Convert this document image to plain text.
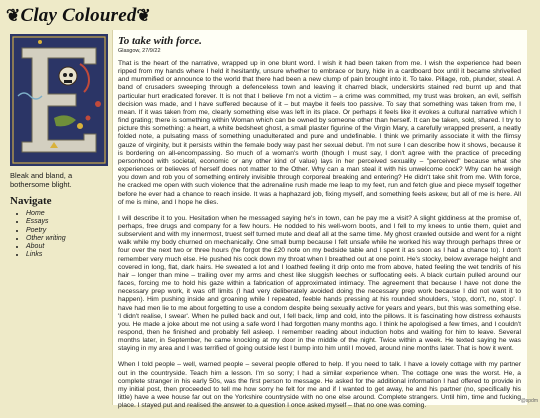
❦Clay Coloured❦
Bleak and bland, a bothersome blight.
Navigate
• Home
• Essays
• Poetry
• Other writing
• About
• Links
To take with force.
Glasgow, 27/9/22

That is the heart of the narrative, wrapped up in one blunt word. I wish it had been taken from me. I wish the experience had been ripped from my hands where I held it hesitantly, unsure whether to embrace or bury, hide in a cardboard box until it became shrivelled and mummified or announce to the world that there had been a new clump of pain brought into it. To take. Pillage, rob, plunder, steal. A band of crusaders sweeping through a defenceless town and leaving it charred black, underskirts stained red burnt up and that particular hurt eradicated forever. It is not that I believe I'm not a victim – a crime was committed, my trust was broken, an evil, selfish decision was made, and I have suffered because of it – but maybe it feels too passive. To say that something was taken from me, I mean. If it was taken from me, clearly something else was left in its place. Or perhaps it feels like it evokes a cultural narrative which I find grating; there is something within Woman which can be owned by someone other than herself. It can be taken, sold, shared. I try to picture this something: a heart, a white bedsheet ghost, a small plaster figurine of the Virgin Mary, a carefully wrapped present, a neatly folded note, a pulsating mass of something unadulterated and pure and undefinable. I think we primarily associate it with the flimsy gauze of virginity, but it persists within the female body way past her sexual debut. I'm not sure I can describe how it shows, because it is bordering on all-encompassing. So much of a woman's worth (though I must say, I don't agree with the practice of preceding personhood with societal, economic or any other kind of value) lays in her perceived sexuality – "perceived" because what she experiences or believes of herself does not matter to the Other. Why can a man steal it with his unwelcome cock? Why can he weigh you down and rob you of something entirely invisible through corporeal breaking and entering? He didn't take shit from me. With force, he cracked me open with such violence that the adrenaline rush made me leap to my feet, run and fetch glue and piece myself together before he ever had a chance to reach inside. It was a haphazard job, fixing myself, and something feels askew, but all of me is here. All of me is mine, and I hope he dies.

I will describe it to you. Hesitation when he messaged saying he's in town, can he pay me a visit? A slight giddiness at the promise of, perhaps, free drugs and company for a few hours. He nodded to his well-worn boots, and I fell to my knees to untie them, quiet and subservient and with my innermost, truest self turned mute and deaf all at the same time. My ghost crawled outside and went for a night walk while my body churned on mechanically. One small bump because I felt unsafe while he worked his way through perhaps three or four over the next two or three hours (he forgot the £20 note on my bedside table and I spent it as soon as I had a chance to). I don't remember very much else. He pushed his cock down my throat when I breathed out at one point. He's stocky, below average height and covered in long, flat, dark hairs. He sweated a lot and I loathed feeling it drip onto me from above, hated feeling the wet tendrils of his hair – longer than mine – trailing over my arms and chest like sluggish leeches or suffocating eels. A black curtain pulled around our faces, forcing me to hold his gaze within a fabrication of approximated intimacy. The agreement that because I have not done the necessary prep work, it was off limits (I had very deliberately avoided doing the necessary prep work because I did not want it to happen). Him pushing inside and groaning while I repeated, feeble hands pressing at his rounded shoulders, 'stop, don't, no, stop'. I have had men lie to me about forgetting to use a condom despite being sexually active for years and years, but this was something else. 'I didn't realise, I swear'. When he pulled back and out, I fell back, limp and cold, into the pillows. It is fascinating how distress exhausts you. He made a joke about me not using a safe word I had forgotten many months ago. I think he apologised a few times, and I couldn't respond, then he finished and probably fell asleep. I remember reading about induction hobs and waiting for him to leave. Several months later, in September, he came knocking at my door in the middle of the night. Twice within a week. He texted saying he was staying in my area and I was terrified of going outside lest I bump into him until I moved, around nine months later. That is how it went.

When I told people – well, warned people – several people offered to help. If you need to talk. I have a lovely cottage with my partner out in the countryside. Teach him a lesson. I'm so sorry; I had a similar experience when. The cottage one was the worst. He, a complete stranger in his early 50s, was the first person to message. He asked for the additional information I had offered to provide in my initial post, then proceeded to tell me how sorry he felt for me and if I wanted to get away, he and his partner (no, specifically his little) have a wee house far out on the Yorkshire countryside with no one else around. Complete strangers. Until him, time and fucking place. I stayed put and realised the answer to a question I once asked myself – that no one was coming.

@spdm
